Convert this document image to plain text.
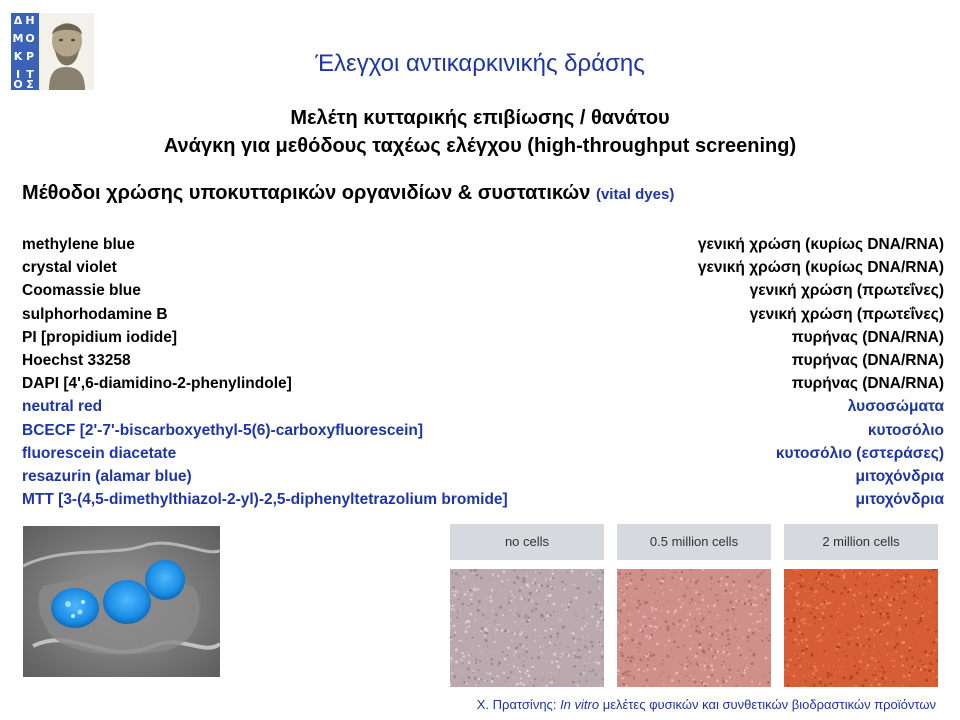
Δ Η
Μ Ο
Κ Ρ
Ι Τ
Ο Σ
Έλεγχοι αντικαρκινικής δράσης
Μελέτη κυτταρικής επιβίωσης / θανάτου
Ανάγκη για μεθόδους ταχέως ελέγχου (high-throughput screening)
Μέθοδοι χρώσης υποκυτταρικών οργανιδίων & συστατικών (vital dyes)
methylene blue	γενική χρώση (κυρίως DNA/RNA)
crystal violet	γενική χρώση (κυρίως DNA/RNA)
Coomassie blue	γενική χρώση (πρωτεΐνες)
sulphorhodamine B	γενική χρώση (πρωτεΐνες)
PI [propidium iodide]	πυρήνας (DNA/RNA)
Hoechst 33258	πυρήνας (DNA/RNA)
DAPI [4',6-diamidino-2-phenylindole]	πυρήνας (DNA/RNA)
neutral red	λυσοσώματα
BCECF [2'-7'-biscarboxyethyl-5(6)-carboxyfluorescein]	κυτοσόλιο
fluorescein diacetate	κυτοσόλιο (εστεράσες)
resazurin (alamar blue)	μιτοχόνδρια
MTT [3-(4,5-dimethylthiazol-2-yl)-2,5-diphenyltetrazolium bromide]	μιτοχόνδρια
no cells	0.5 million cells	2 million cells
Χ. Πρατσίνης: In vitro μελέτες φυσικών και συνθετικών βιοδραστικών προϊόντων
